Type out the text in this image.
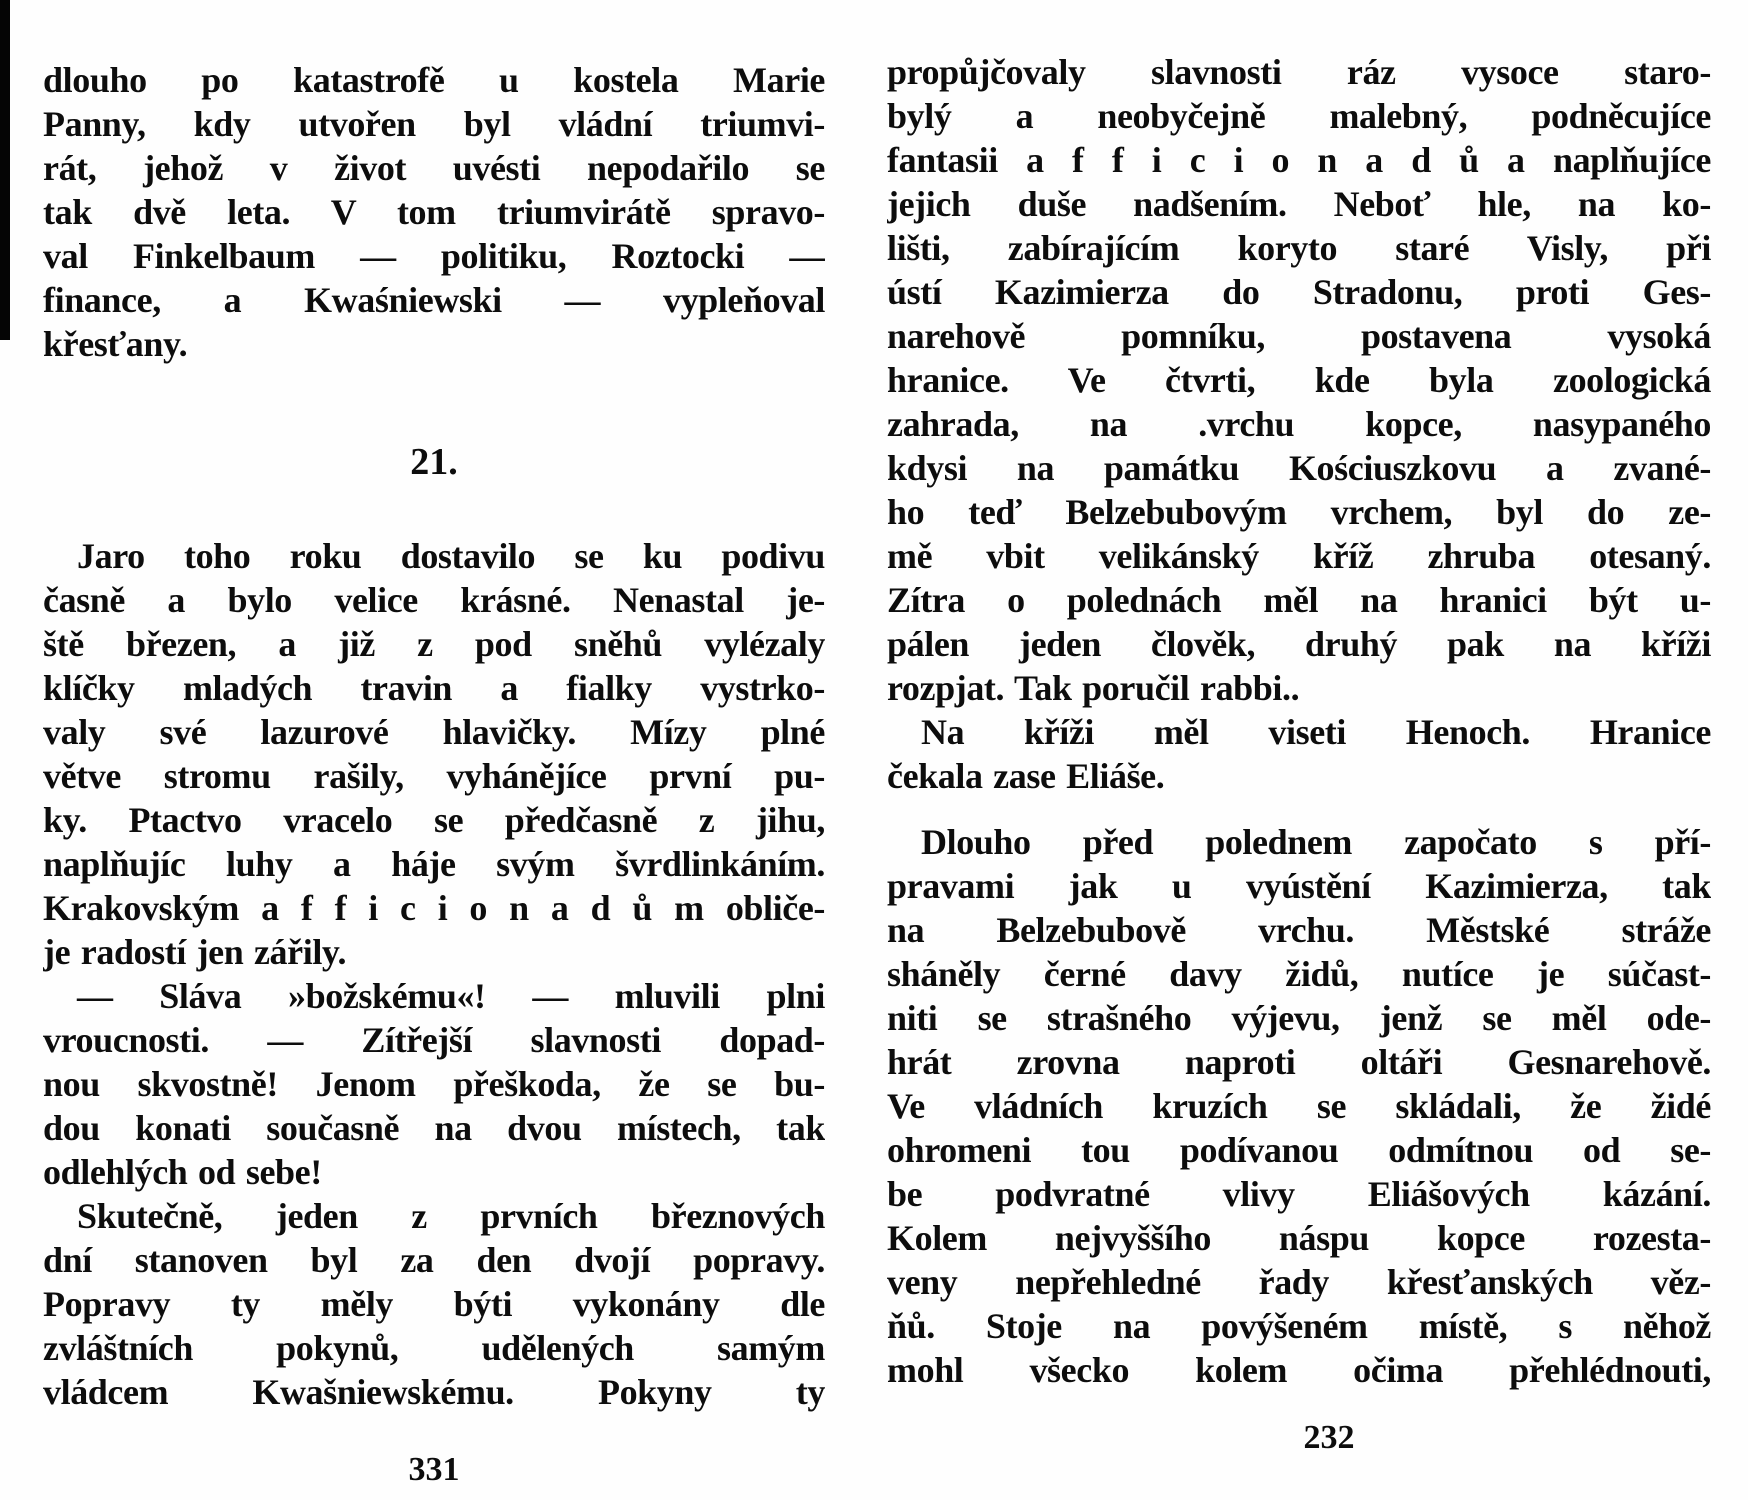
dlouho po katastrofě u kostela Marie
Panny, kdy utvořen byl vládní triumvi-
rát, jehož v život uvésti nepodařilo se
tak dvě leta. V tom triumvirátě spravo-
val Finkelbaum — politiku, Roztocki —
finance, a Kwaśniewski — vypleňoval
křesťany.
21.
Jaro toho roku dostavilo se ku podivu
časně a bylo velice krásné. Nenastal je-
ště březen, a již z pod sněhů vylézaly
klíčky mladých travin a fialky vystrko-
valy své lazurové hlavičky. Mízy plné
větve stromu rašily, vyhánějíce první pu-
ky. Ptactvo vracelo se předčasně z jihu,
naplňujíc luhy a háje svým švrdlinkáním.
Krakovským a f f i c i o n a d ů m obliče-
je radostí jen zářily.
— Sláva »božskému«! — mluvili plni
vroucnosti. — Zítřejší slavnosti dopad-
nou skvostně! Jenom přeškoda, že se bu-
dou konati současně na dvou místech, tak
odlehlých od sebe!
Skutečně, jeden z prvních březnových
dní stanoven byl za den dvojí popravy.
Popravy ty měly býti vykonány dle
zvláštních pokynů, udělených samým
vládcem Kwašniewskému. Pokyny ty
331
propůjčovaly slavnosti ráz vysoce staro-
bylý a neobyčejně malebný, podněcujíce
fantasii a f f i c i o n a d ů a naplňujíce
jejich duše nadšením. Neboť hle, na ko-
lišti, zabírajícím koryto staré Visly, při
ústí Kazimierza do Stradonu, proti Ges-
narehově pomníku, postavena vysoká
hranice. Ve čtvrti, kde byla zoologická
zahrada, na .vrchu kopce, nasypaného
kdysi na památku Kościuszkovu a zvané-
ho teď Belzebubovým vrchem, byl do ze-
mě vbit velikánský kříž zhruba otesaný.
Zítra o polednách měl na hranici být u-
pálen jeden člověk, druhý pak na kříži
rozpjat. Tak poručil rabbi..
Na kříži měl viseti Henoch. Hranice
čekala zase Eliáše.
Dlouho před polednem započato s pří-
pravami jak u vyústění Kazimierza, tak
na Belzebubově vrchu. Městské stráže
sháněly černé davy židů, nutíce je súčast-
niti se strašného výjevu, jenž se měl ode-
hrát zrovna naproti oltáři Gesnarehově.
Ve vládních kruzích se skládali, že židé
ohromeni tou podívanou odmítnou od se-
be podvratné vlivy Eliášových kázání.
Kolem nejvyššího náspu kopce rozesta-
veny nepřehledné řady křesťanských věz-
ňů. Stoje na povýšeném místě, s něhož
mohl všecko kolem očima přehlédnouti,
232
